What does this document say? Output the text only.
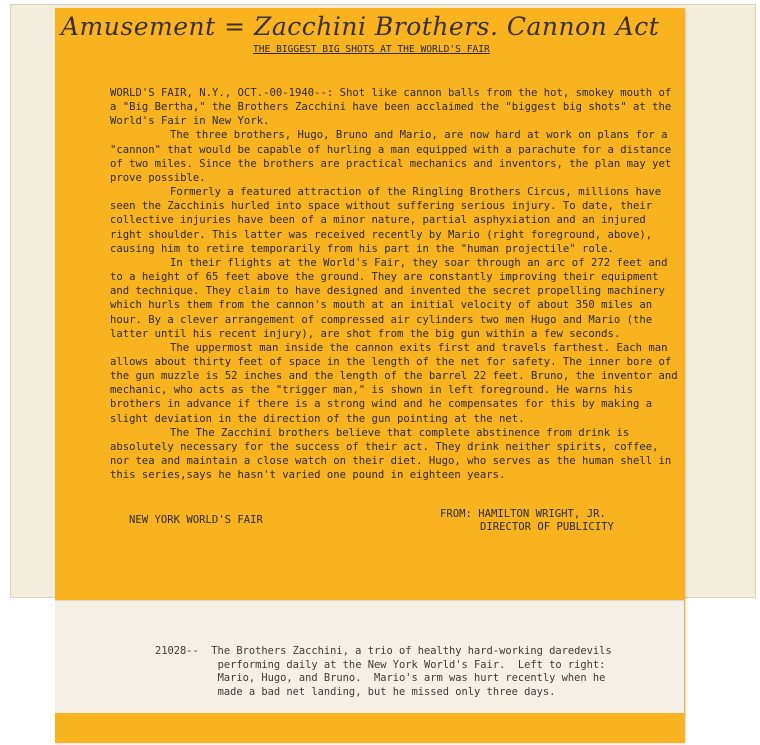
Amusement = Zacchini Brothers. Cannon Act
THE BIGGEST BIG SHOTS AT THE WORLD'S FAIR

WORLD'S FAIR, N.Y., OCT.-00-1940--: Shot like cannon balls from the hot, smokey mouth of a "Big Bertha," the Brothers Zacchini have been acclaimed the "biggest big shots" at the World's Fair in New York.

The three brothers, Hugo, Bruno and Mario, are now hard at work on plans for a "cannon" that would be capable of hurling a man equipped with a parachute for a distance of two miles. Since the brothers are practical mechanics and inventors, the plan may yet prove possible.

Formerly a featured attraction of the Ringling Brothers Circus, millions have seen the Zacchinis hurled into space without suffering serious injury. To date, their collective injuries have been of a minor nature, partial asphyxiation and an injured right shoulder. This latter was received recently by Mario (right foreground, above), causing him to retire temporarily from his part in the "human projectile" role.

In their flights at the World's Fair, they soar through an arc of 272 feet and to a height of 65 feet above the ground. They are constantly improving their equipment and technique. They claim to have designed and invented the secret propelling machinery which hurls them from the cannon's mouth at an initial velocity of about 350 miles an hour. By a clever arrangement of compressed air cylinders two men Hugo and Mario (the latter until his recent injury), are shot from the big gun within a few seconds.

The uppermost man inside the cannon exits first and travels farthest. Each man allows about thirty feet of space in the length of the net for safety. The inner bore of the gun muzzle is 52 inches and the length of the barrel 22 feet. Bruno, the inventor and mechanic, who acts as the "trigger man," is shown in left foreground. He warns his brothers in advance if there is a strong wind and he compensates for this by making a slight deviation in the direction of the gun pointing at the net.

The The Zacchini brothers believe that complete abstinence from drink is absolutely necessary for the success of their act. They drink neither spirits, coffee, nor tea and maintain a close watch on their diet. Hugo, who serves as the human shell in this series,says he hasn't varied one pound in eighteen years.

NEW YORK WORLD'S FAIR	FROM: HAMILTON WRIGHT, JR.
DIRECTOR OF PUBLICITY
21028--  The Brothers Zacchini, a trio of healthy hard-working daredevils
performing daily at the New York World's Fair.  Left to right:
Mario, Hugo, and Bruno.  Mario's arm was hurt recently when he
made a bad net landing, but he missed only three days.
